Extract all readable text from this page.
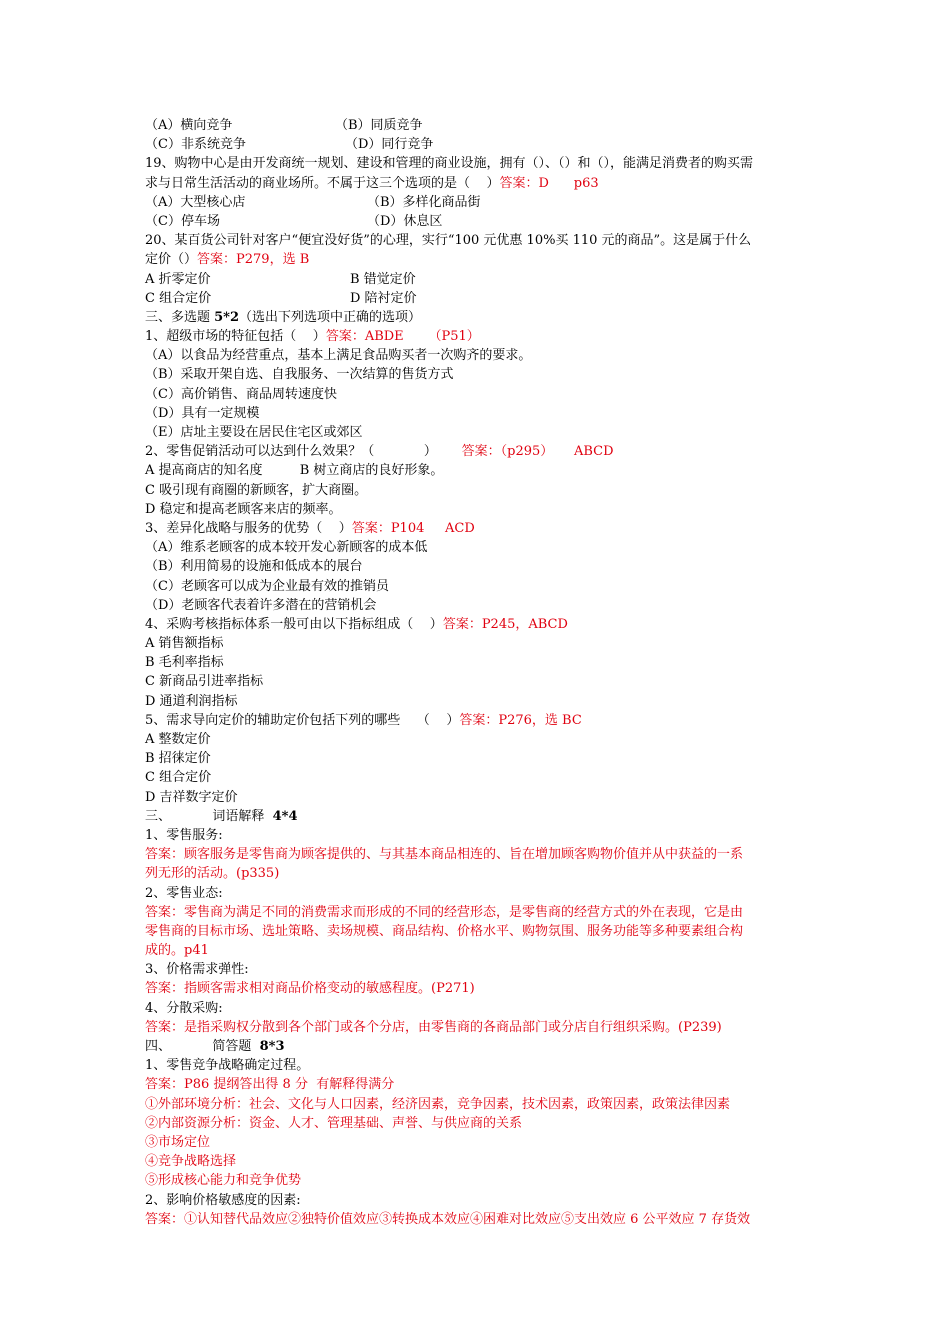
（A）横向竞争	（B）同质竞争
（C）非系统竞争	（D）同行竞争
19、购物中心是由开发商统一规划、建设和管理的商业设施，拥有（）、（）和（），能满足消费者的购买需
求与日常生活活动的商业场所。不属于这三个选项的是（    ）答案：D      p63
（A）大型核心店	（B）多样化商品街
（C）停车场	（D）休息区
20、某百货公司针对客户“便宜没好货”的心理，实行“100 元优惠 10%买 110 元的商品”。这是属于什么
定价（）答案：P279，选 B
A 折零定价	B 错觉定价
C 组合定价	D 陪衬定价
三、多选题 5*2（选出下列选项中正确的选项）
1、超级市场的特征包括（    ）答案：ABDE      （P51）
（A）以食品为经营重点，基本上满足食品购买者一次购齐的要求。
（B）采取开架自选、自我服务、一次结算的售货方式
（C）高价销售、商品周转速度快
（D）具有一定规模
（E）店址主要设在居民住宅区或郊区
2、零售促销活动可以达到什么效果？（            ）      答案：（p295）     ABCD
A 提高商店的知名度         B 树立商店的良好形象。
C 吸引现有商圈的新顾客，扩大商圈。
D 稳定和提高老顾客来店的频率。
3、差异化战略与服务的优势（    ）答案：P104     ACD
（A）维系老顾客的成本较开发心新顾客的成本低
（B）利用简易的设施和低成本的展台
（C）老顾客可以成为企业最有效的推销员
（D）老顾客代表着许多潜在的营销机会
4、采购考核指标体系一般可由以下指标组成（    ）答案：P245，ABCD
A 销售额指标
B 毛利率指标
C 新商品引进率指标
D 通道利润指标
5、需求导向定价的辅助定价包括下列的哪些    （    ）答案：P276，选 BC
A 整数定价
B 招徕定价
C 组合定价
D 吉祥数字定价
三、          词语解释  4*4
1、零售服务:
答案：顾客服务是零售商为顾客提供的、与其基本商品相连的、旨在增加顾客购物价值并从中获益的一系
列无形的活动。(p335)
2、零售业态:
答案：零售商为满足不同的消费需求而形成的不同的经营形态，是零售商的经营方式的外在表现，它是由
零售商的目标市场、选址策略、卖场规模、商品结构、价格水平、购物氛围、服务功能等多种要素组合构
成的。p41
3、价格需求弹性:
答案：指顾客需求相对商品价格变动的敏感程度。(P271)
4、分散采购:
答案：是指采购权分散到各个部门或各个分店，由零售商的各商品部门或分店自行组织采购。(P239)
四、          简答题  8*3
1、零售竞争战略确定过程。
答案：P86 提纲答出得 8 分  有解释得满分
①外部环境分析：社会、文化与人口因素，经济因素，竞争因素，技术因素，政策因素，政策法律因素
②内部资源分析：资金、人才、管理基础、声誉、与供应商的关系
③市场定位
④竞争战略选择
⑤形成核心能力和竞争优势
2、影响价格敏感度的因素:
答案：①认知替代品效应②独特价值效应③转换成本效应④困难对比效应⑤支出效应 6 公平效应 7 存货效
